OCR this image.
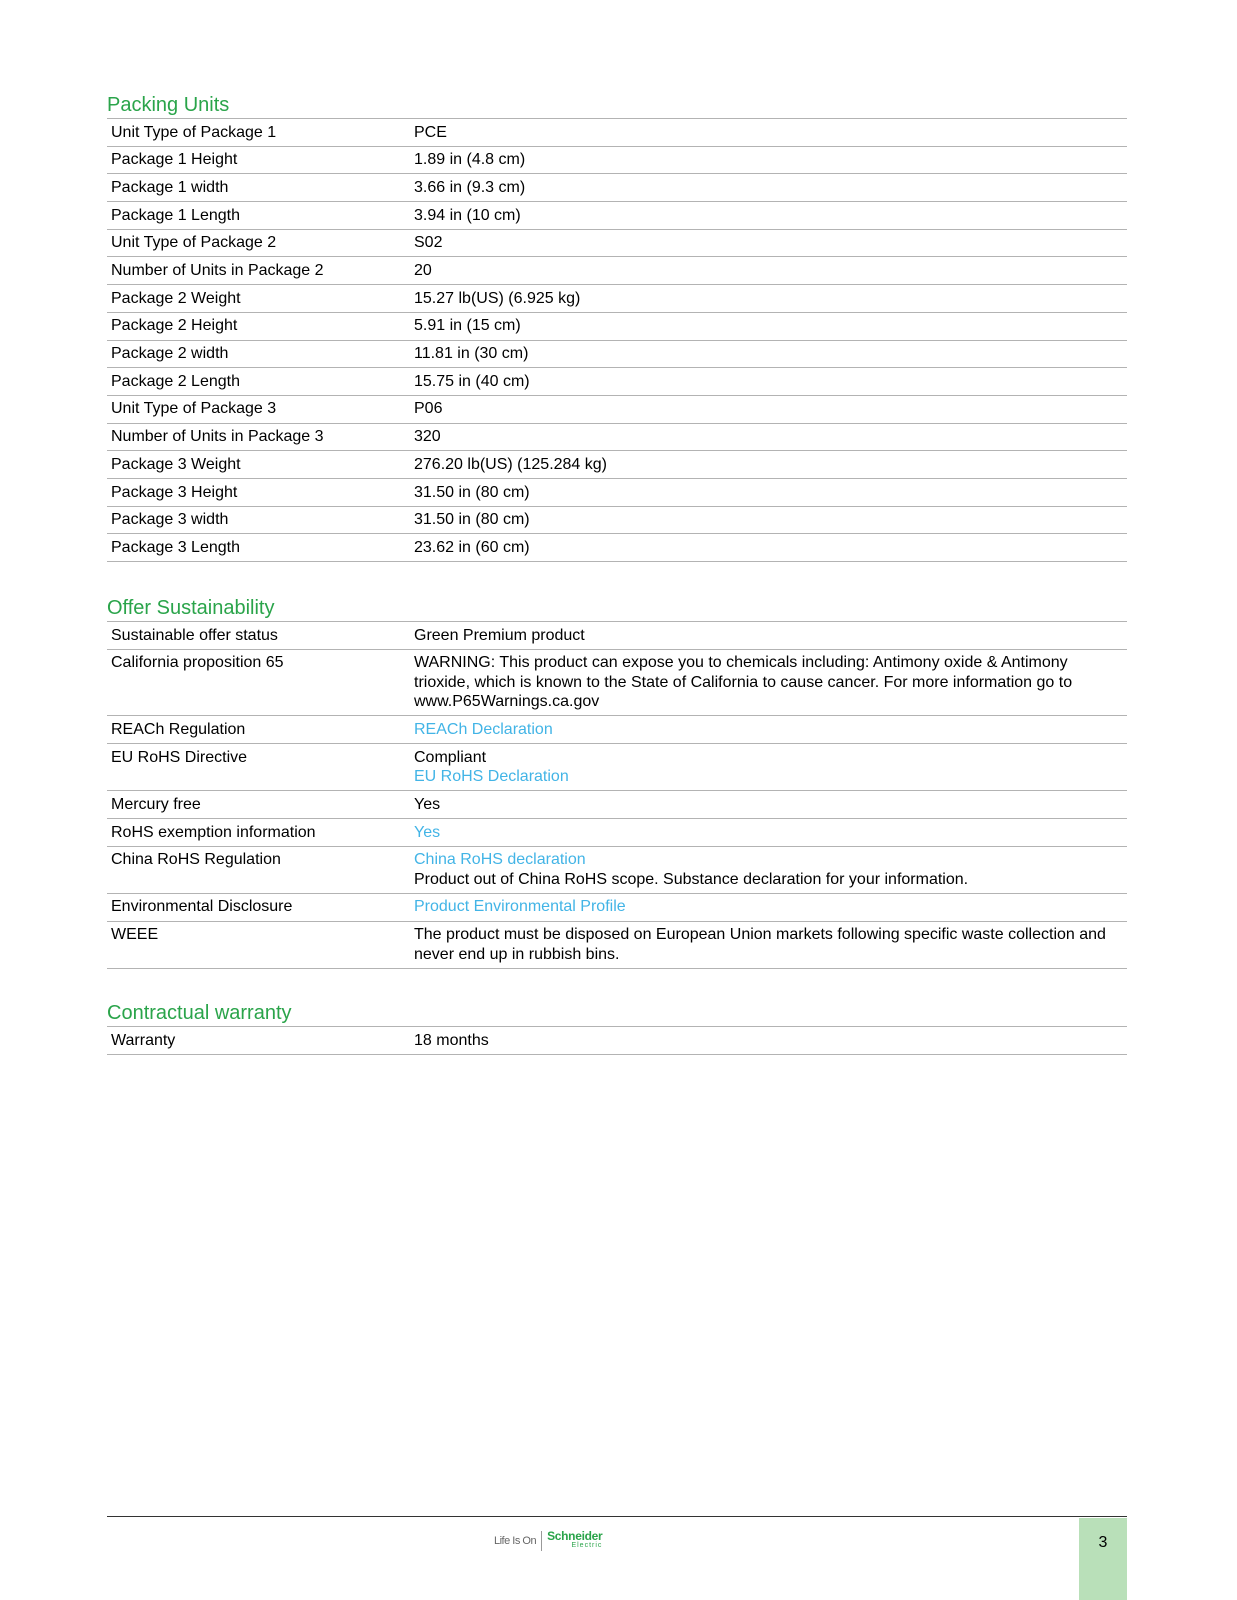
Packing Units
Unit Type of Package 1	PCE

Package 1 Height	1.89 in (4.8 cm)

Package 1 width	3.66 in (9.3 cm)

Package 1 Length	3.94 in (10 cm)

Unit Type of Package 2	S02

Number of Units in Package 2	20

Package 2 Weight	15.27 lb(US) (6.925 kg)

Package 2 Height	5.91 in (15 cm)

Package 2 width	11.81 in (30 cm)

Package 2 Length	15.75 in (40 cm)

Unit Type of Package 3	P06

Number of Units in Package 3	320

Package 3 Weight	276.20 lb(US) (125.284 kg)

Package 3 Height	31.50 in (80 cm)

Package 3 width	31.50 in (80 cm)

Package 3 Length	23.62 in (60 cm)
Offer Sustainability
Sustainable offer status	Green Premium product

California proposition 65	WARNING: This product can expose you to chemicals including: Antimony oxide & Antimony trioxide, which is known to the State of California to cause cancer. For more information go to www.P65Warnings.ca.gov

REACh Regulation	REACh Declaration

EU RoHS Directive	Compliant
EU RoHS Declaration

Mercury free	Yes

RoHS exemption information	Yes

China RoHS Regulation	China RoHS declaration
Product out of China RoHS scope. Substance declaration for your information.

Environmental Disclosure	Product Environmental Profile

WEEE	The product must be disposed on European Union markets following specific waste collection and never end up in rubbish bins.
Contractual warranty
Warranty	18 months
Life Is On Schneider
Electric	3
